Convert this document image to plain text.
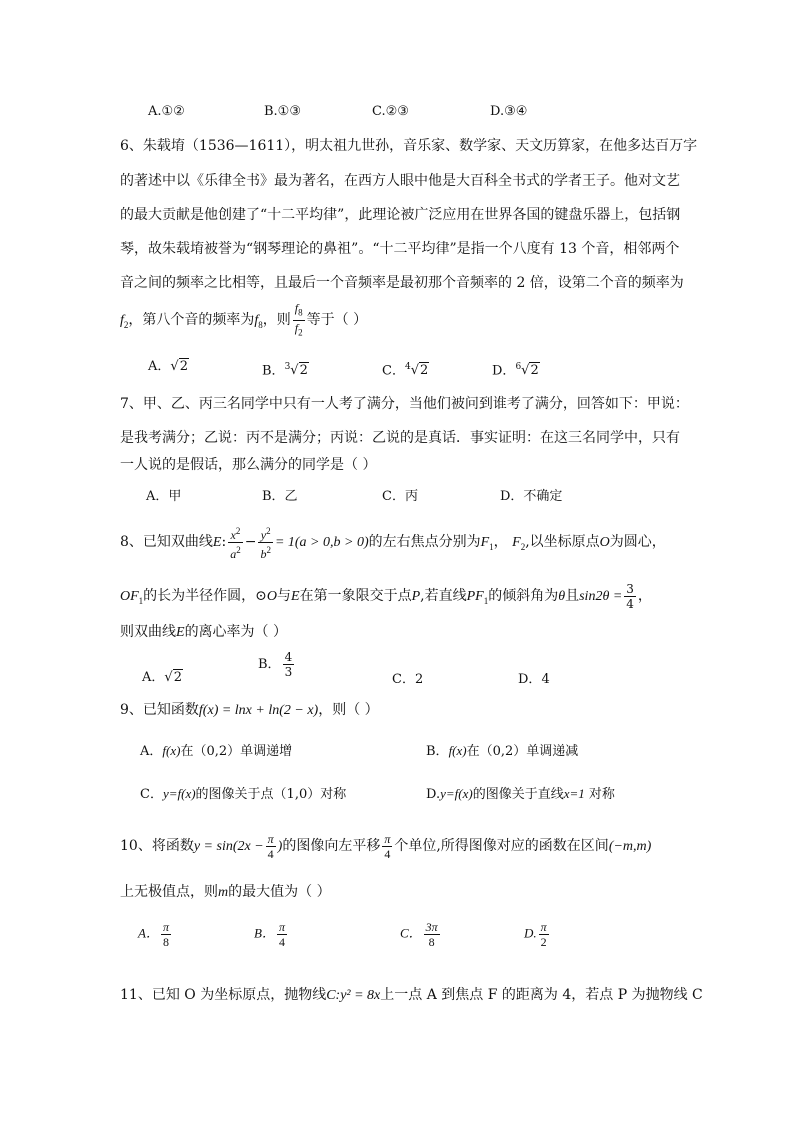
A.①②	B.①③	C.②③	D.③④
6、朱载堉（1536—1611），明太祖九世孙，音乐家、数学家、天文历算家，在他多达百万字
的著述中以《乐律全书》最为著名，在西方人眼中他是大百科全书式的学者王子。他对文艺
的最大贡献是他创建了“十二平均律”，此理论被广泛应用在世界各国的键盘乐器上，包括钢
琴，故朱载堉被誉为“钢琴理论的鼻祖”。“十二平均律”是指一个八度有 13 个音，相邻两个
音之间的频率之比相等，且最后一个音频率是最初那个音频率的 2 倍，设第二个音的频率为
$f_2$，第八个音的频率为$f_8$，则 $\frac{f_8}{f_2}$ 等于（ ）
A．√2	B．$^3$√2	C．$^4$√2	D．$^6$√2
7、甲、乙、丙三名同学中只有一人考了满分，当他们被问到谁考了满分，回答如下：甲说：
是我考满分；乙说：丙不是满分；丙说：乙说的是真话．事实证明：在这三名同学中，只有
一人说的是假话，那么满分的同学是（ ）
A．甲	B．乙	C．丙	D．不确定
8、已知双曲线E: $\frac{x^2}{a^2} - \frac{y^2}{b^2} = 1(a > 0,b > 0)$的左右焦点分别为$F_1$， $F_2$,以坐标原点O为圆心，
$OF_1$的长为半径作圆，⊙O与E在第一象限交于点P,若直线$PF_1$的倾斜角为θ且$\sin 2\theta = \frac{3}{4}$ ，
则双曲线E的离心率为（ ）
A．√2
B． $\frac{4}{3}$
C．2	D．4
9、已知函数f(x) = lnx + ln(2 − x)，则（ ）
A．f(x)在（0,2）单调递增	B．f(x)在（0,2）单调递减
C．y=f(x)的图像关于点（1,0）对称	D.y=f(x)的图像关于直线x=1 对称
10、将函数$y = \sin(2x - \frac{\pi}{4}$ )的图像向左平移 $\frac{\pi}{4}$ 个单位,所得图像对应的函数在区间(−m,m)
上无极值点，则m的最大值为（ ）
A． $\frac{\pi}{8}$	B． $\frac{\pi}{4}$	C． $\frac{3\pi}{8}$	D. $\frac{\pi}{2}$
11、已知 O 为坐标原点，抛物线C:y² = 8x上一点 A 到焦点 F 的距离为 4，若点 P 为抛物线 C
